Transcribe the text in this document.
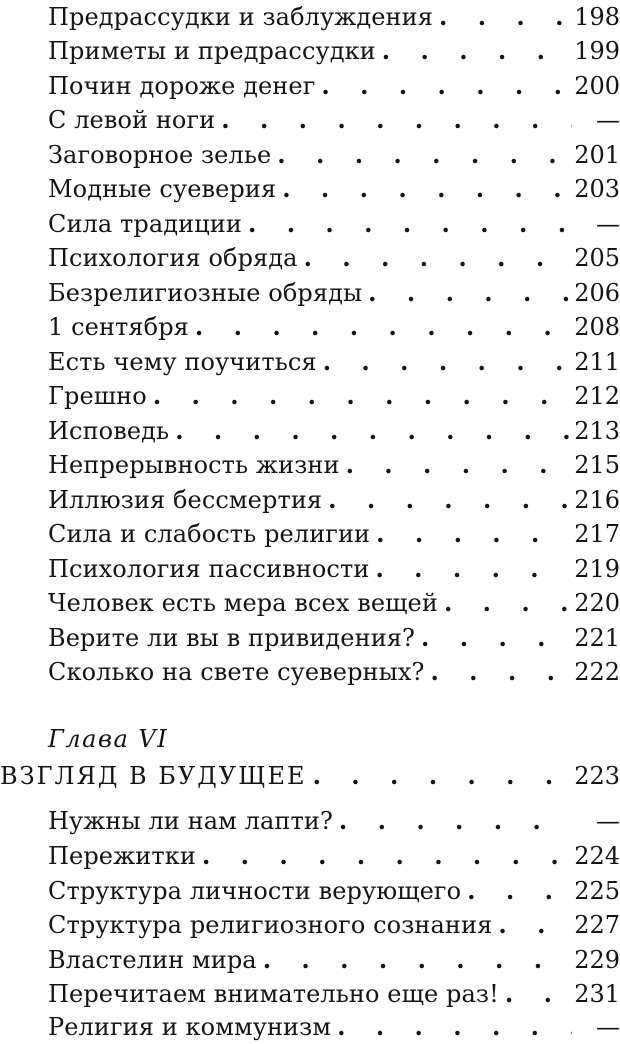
Предрассудки и заблуждения . . .	198
Приметы и предрассудки . . .	199
Почин дороже денег . . .	200
С левой ноги . . .	—
Заговорное зелье . . .	201
Модные суеверия . . .	203
Сила традиции . . .	—
Психология обряда . . .	205
Безрелигиозные обряды . . .	206
1 сентября . . .	208
Есть чему поучиться . . .	211
Грешно . . .	212
Исповедь . . .	213
Непрерывность жизни . . .	215
Иллюзия бессмертия . . .	216
Сила и слабость религии . . .	217
Психология пассивности . . .	219
Человек есть мера всех вещей . . .	220
Верите ли вы в привидения? . . .	221
Сколько на свете суеверных? . . .	222
Глава VI
ВЗГЛЯД В БУДУЩЕЕ . . .	223
Нужны ли нам лапти? . . .	—
Пережитки . . .	224
Структура личности верующего . . .	225
Структура религиозного сознания . . .	227
Властелин мира . . .	229
Перечитаем внимательно еще раз! . . .	231
Религия и коммунизм . . .	—
